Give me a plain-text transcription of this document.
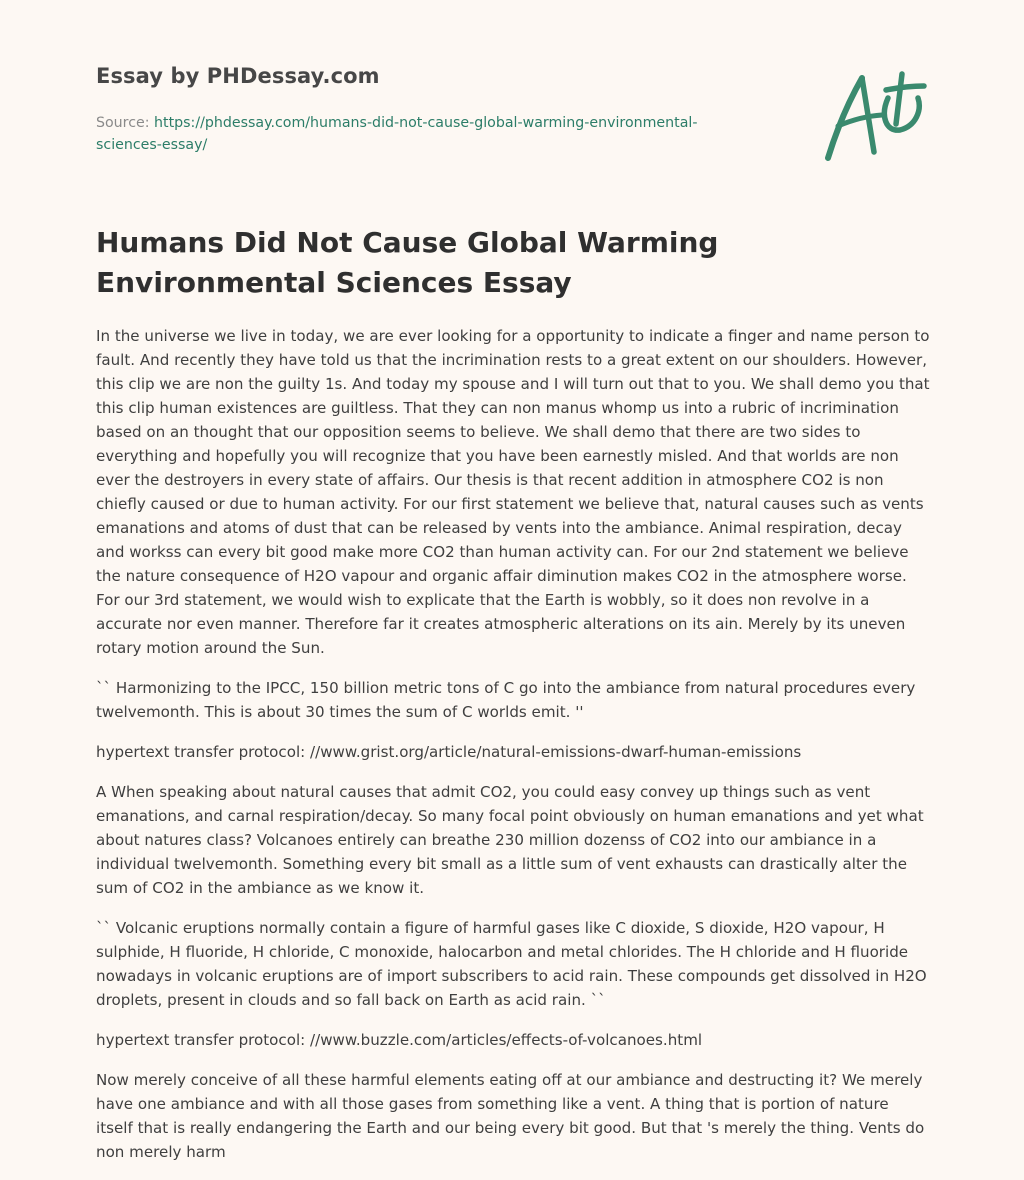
Essay by PHDessay.com
Source: https://phdessay.com/humans-did-not-cause-global-warming-environmental-sciences-essay/
Humans Did Not Cause Global Warming Environmental Sciences Essay

In the universe we live in today, we are ever looking for a opportunity to indicate a finger and name person to fault. And recently they have told us that the incrimination rests to a great extent on our shoulders. However, this clip we are non the guilty 1s. And today my spouse and I will turn out that to you. We shall demo you that this clip human existences are guiltless. That they can non manus whomp us into a rubric of incrimination based on an thought that our opposition seems to believe. We shall demo that there are two sides to everything and hopefully you will recognize that you have been earnestly misled. And that worlds are non ever the destroyers in every state of affairs. Our thesis is that recent addition in atmosphere CO2 is non chiefly caused or due to human activity. For our first statement we believe that, natural causes such as vents emanations and atoms of dust that can be released by vents into the ambiance. Animal respiration, decay and workss can every bit good make more CO2 than human activity can. For our 2nd statement we believe the nature consequence of H2O vapour and organic affair diminution makes CO2 in the atmosphere worse. For our 3rd statement, we would wish to explicate that the Earth is wobbly, so it does non revolve in a accurate nor even manner. Therefore far it creates atmospheric alterations on its ain. Merely by its uneven rotary motion around the Sun.

`` Harmonizing to the IPCC, 150 billion metric tons of C go into the ambiance from natural procedures every twelvemonth. This is about 30 times the sum of C worlds emit. ''

hypertext transfer protocol: //www.grist.org/article/natural-emissions-dwarf-human-emissions

A When speaking about natural causes that admit CO2, you could easy convey up things such as vent emanations, and carnal respiration/decay. So many focal point obviously on human emanations and yet what about natures class? Volcanoes entirely can breathe 230 million dozenss of CO2 into our ambiance in a individual twelvemonth. Something every bit small as a little sum of vent exhausts can drastically alter the sum of CO2 in the ambiance as we know it.

`` Volcanic eruptions normally contain a figure of harmful gases like C dioxide, S dioxide, H2O vapour, H sulphide, H fluoride, H chloride, C monoxide, halocarbon and metal chlorides. The H chloride and H fluoride nowadays in volcanic eruptions are of import subscribers to acid rain. These compounds get dissolved in H2O droplets, present in clouds and so fall back on Earth as acid rain. ``

hypertext transfer protocol: //www.buzzle.com/articles/effects-of-volcanoes.html

Now merely conceive of all these harmful elements eating off at our ambiance and destructing it? We merely have one ambiance and with all those gases from something like a vent. A thing that is portion of nature itself that is really endangering the Earth and our being every bit good. But that 's merely the thing. Vents do non merely harm
